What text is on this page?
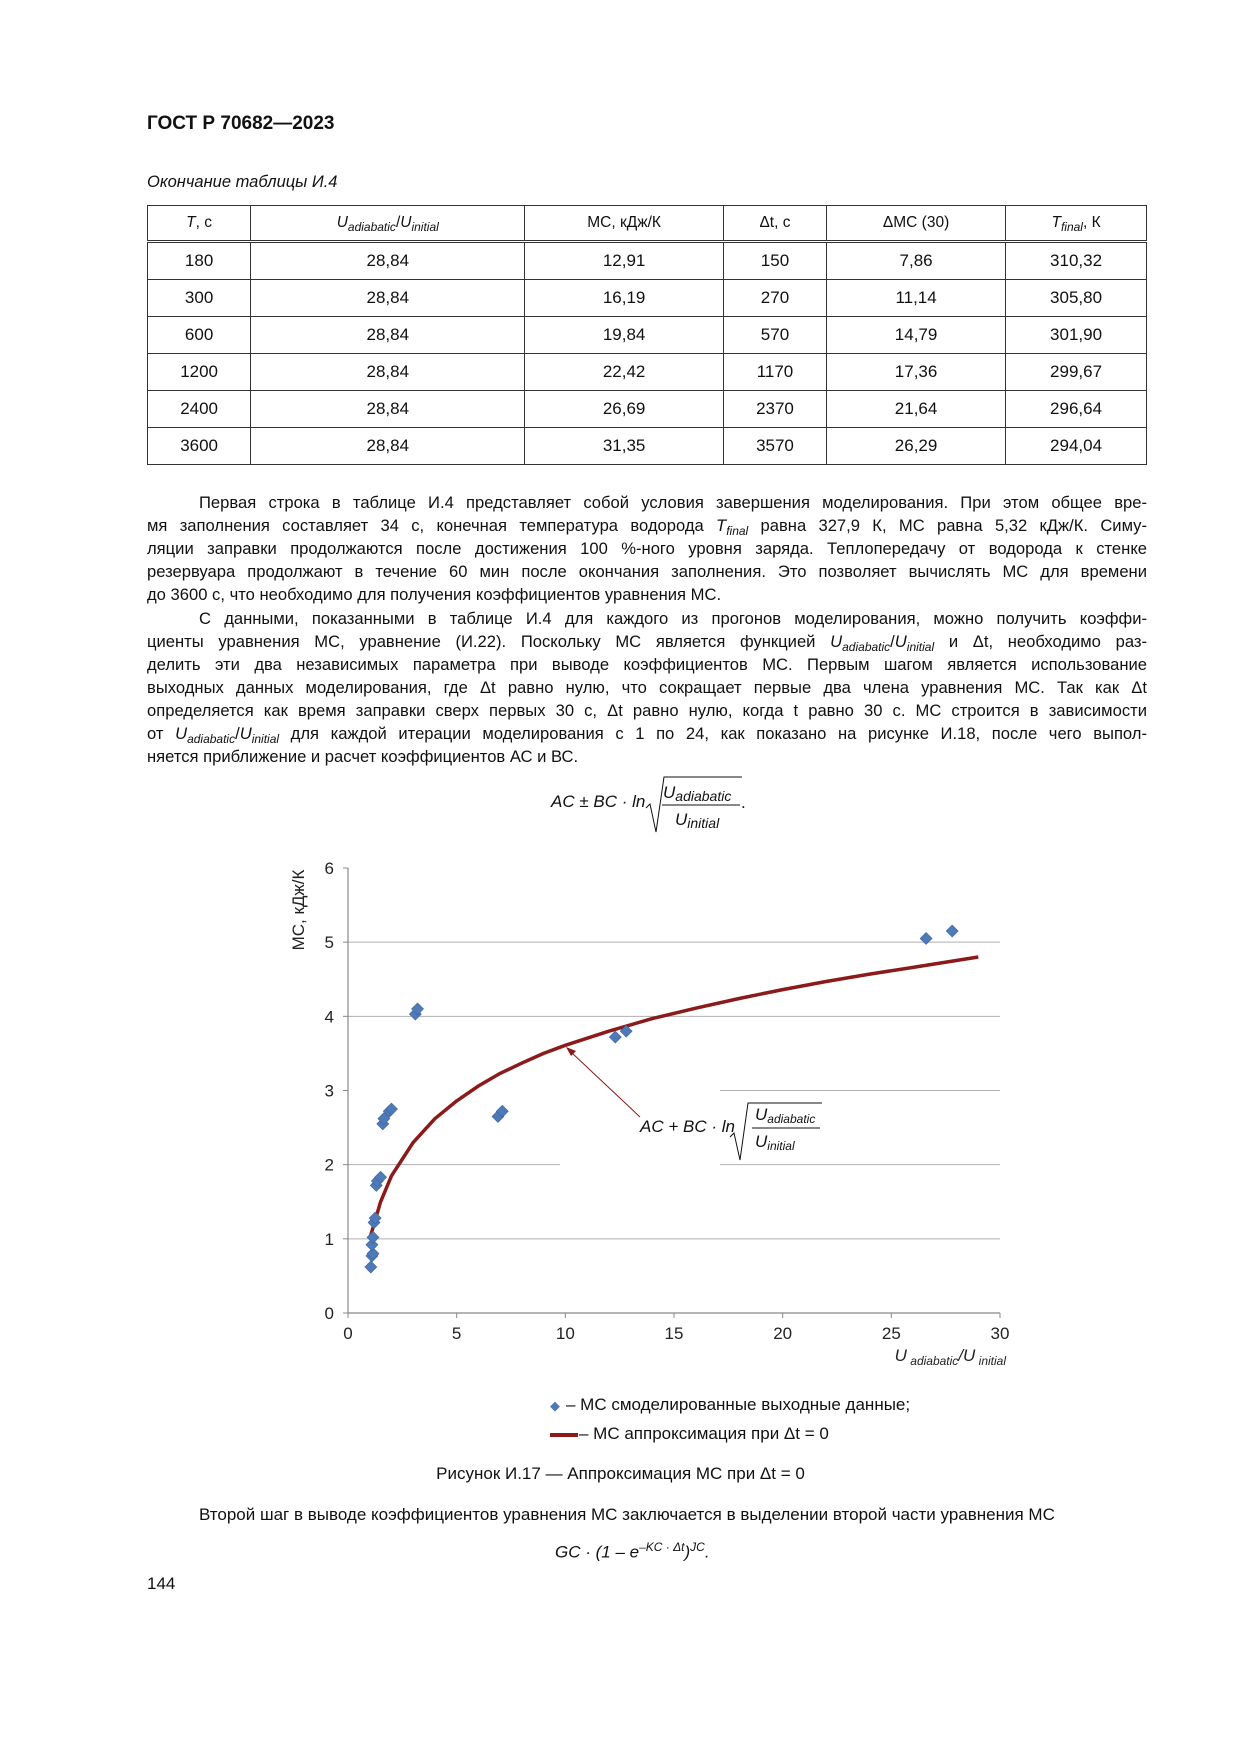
ГОСТ Р 70682—2023
Окончание таблицы И.4
T, с	$U_{adiabatic}/U_{initial}$	МС, кДж/К	Δt, с	ΔМС (30)	$T_{final}$, К
180	28,84	12,91	150	7,86	310,32
300	28,84	16,19	270	11,14	305,80
600	28,84	19,84	570	14,79	301,90
1200	28,84	22,42	1170	17,36	299,67
2400	28,84	26,69	2370	21,64	296,64
3600	28,84	31,35	3570	26,29	294,04
Первая строка в таблице И.4 представляет собой условия завершения моделирования. При этом общее вре-
мя заполнения составляет 34 с, конечная температура водорода $T_{final}$ равна 327,9 К, МС равна 5,32 кДж/К. Симу-
ляции заправки продолжаются после достижения 100 %-ного уровня заряда. Теплопередачу от водорода к стенке
резервуара продолжают в течение 60 мин после окончания заполнения. Это позволяет вычислять МС для времени
до 3600 с, что необходимо для получения коэффициентов уравнения МС.
С данными, показанными в таблице И.4 для каждого из прогонов моделирования, можно получить коэффи-
циенты уравнения МС, уравнение (И.22). Поскольку МС является функцией $U_{adiabatic}/U_{initial}$ и Δt, необходимо раз-
делить эти два независимых параметра при выводе коэффициентов МС. Первым шагом является использование
выходных данных моделирования, где Δt равно нулю, что сокращает первые два члена уравнения МС. Так как Δt
определяется как время заправки сверх первых 30 с, Δt равно нулю, когда t равно 30 с. МС строится в зависимости
от $U_{adiabatic}/U_{initial}$ для каждой итерации моделирования с 1 по 24, как показано на рисунке И.18, после чего выпол-
няется приближение и расчет коэффициентов АС и ВС.
0
1
2
3
4
5
6
0	5	10	15	20	25	30
МС, кДж/К
U $_{adiabatic}$/U $_{initial}$
AC + BC · ln
Uadiabatic
Uinitial
AC ± BC · ln Uadiabatic
Uinitial
.
◆ – МС смоделированные выходные данные;
– МС аппроксимация при Δt = 0
Рисунок И.17 — Аппроксимация МС при Δt = 0
Второй шаг в выводе коэффициентов уравнения МС заключается в выделении второй части уравнения МС
GC · $(1 - e^{-KC \cdot \Delta t})^{JC}$.
144
